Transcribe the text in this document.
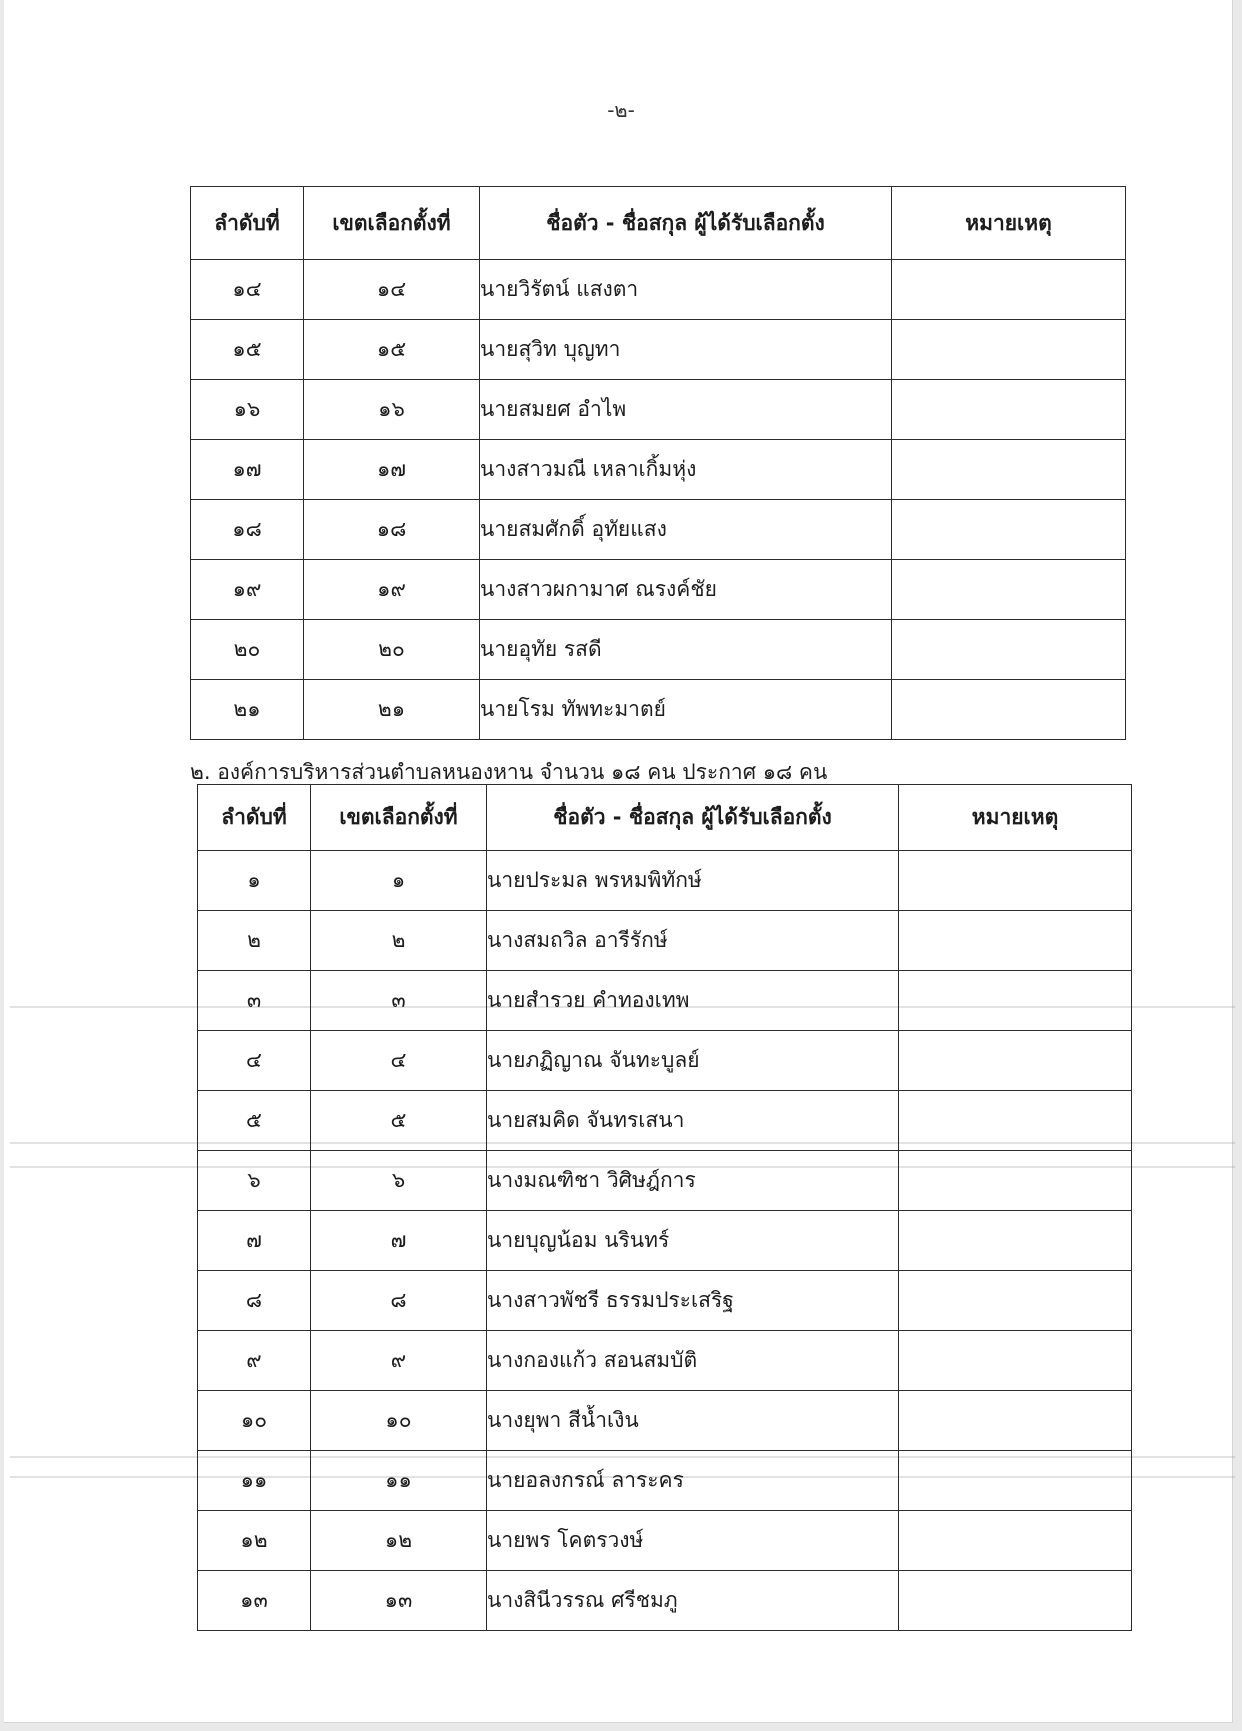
-๒-
ลำดับที่	เขตเลือกตั้งที่	ชื่อตัว - ชื่อสกุล ผู้ได้รับเลือกตั้ง	หมายเหตุ
๑๔	๑๔	นายวิรัตน์ แสงตา	
๑๕	๑๕	นายสุวิท บุญทา	
๑๖	๑๖	นายสมยศ อำไพ	
๑๗	๑๗	นางสาวมณี เหลาเกิ้มหุ่ง	
๑๘	๑๘	นายสมศักดิ์ อุทัยแสง	
๑๙	๑๙	นางสาวผกามาศ ณรงค์ชัย	
๒๐	๒๐	นายอุทัย รสดี	
๒๑	๒๑	นายโรม ทัพทะมาตย์	
๒. องค์การบริหารส่วนตำบลหนองหาน จำนวน ๑๘ คน ประกาศ ๑๘ คน
ลำดับที่	เขตเลือกตั้งที่	ชื่อตัว - ชื่อสกุล ผู้ได้รับเลือกตั้ง	หมายเหตุ
๑	๑	นายประมล พรหมพิทักษ์	
๒	๒	นางสมถวิล อารีรักษ์	
๓	๓	นายสำรวย คำทองเทพ	
๔	๔	นายภฏิญาณ จันทะบูลย์	
๕	๕	นายสมคิด จันทรเสนา	
๖	๖	นางมณฑิชา วิศิษฎ์การ	
๗	๗	นายบุญน้อม นรินทร์	
๘	๘	นางสาวพัชรี ธรรมประเสริฐ	
๙	๙	นางกองแก้ว สอนสมบัติ	
๑๐	๑๐	นางยุพา สีน้ำเงิน	
๑๑	๑๑	นายอลงกรณ์ ลาระคร	
๑๒	๑๒	นายพร โคตรวงษ์	
๑๓	๑๓	นางสินีวรรณ ศรีชมภู	
